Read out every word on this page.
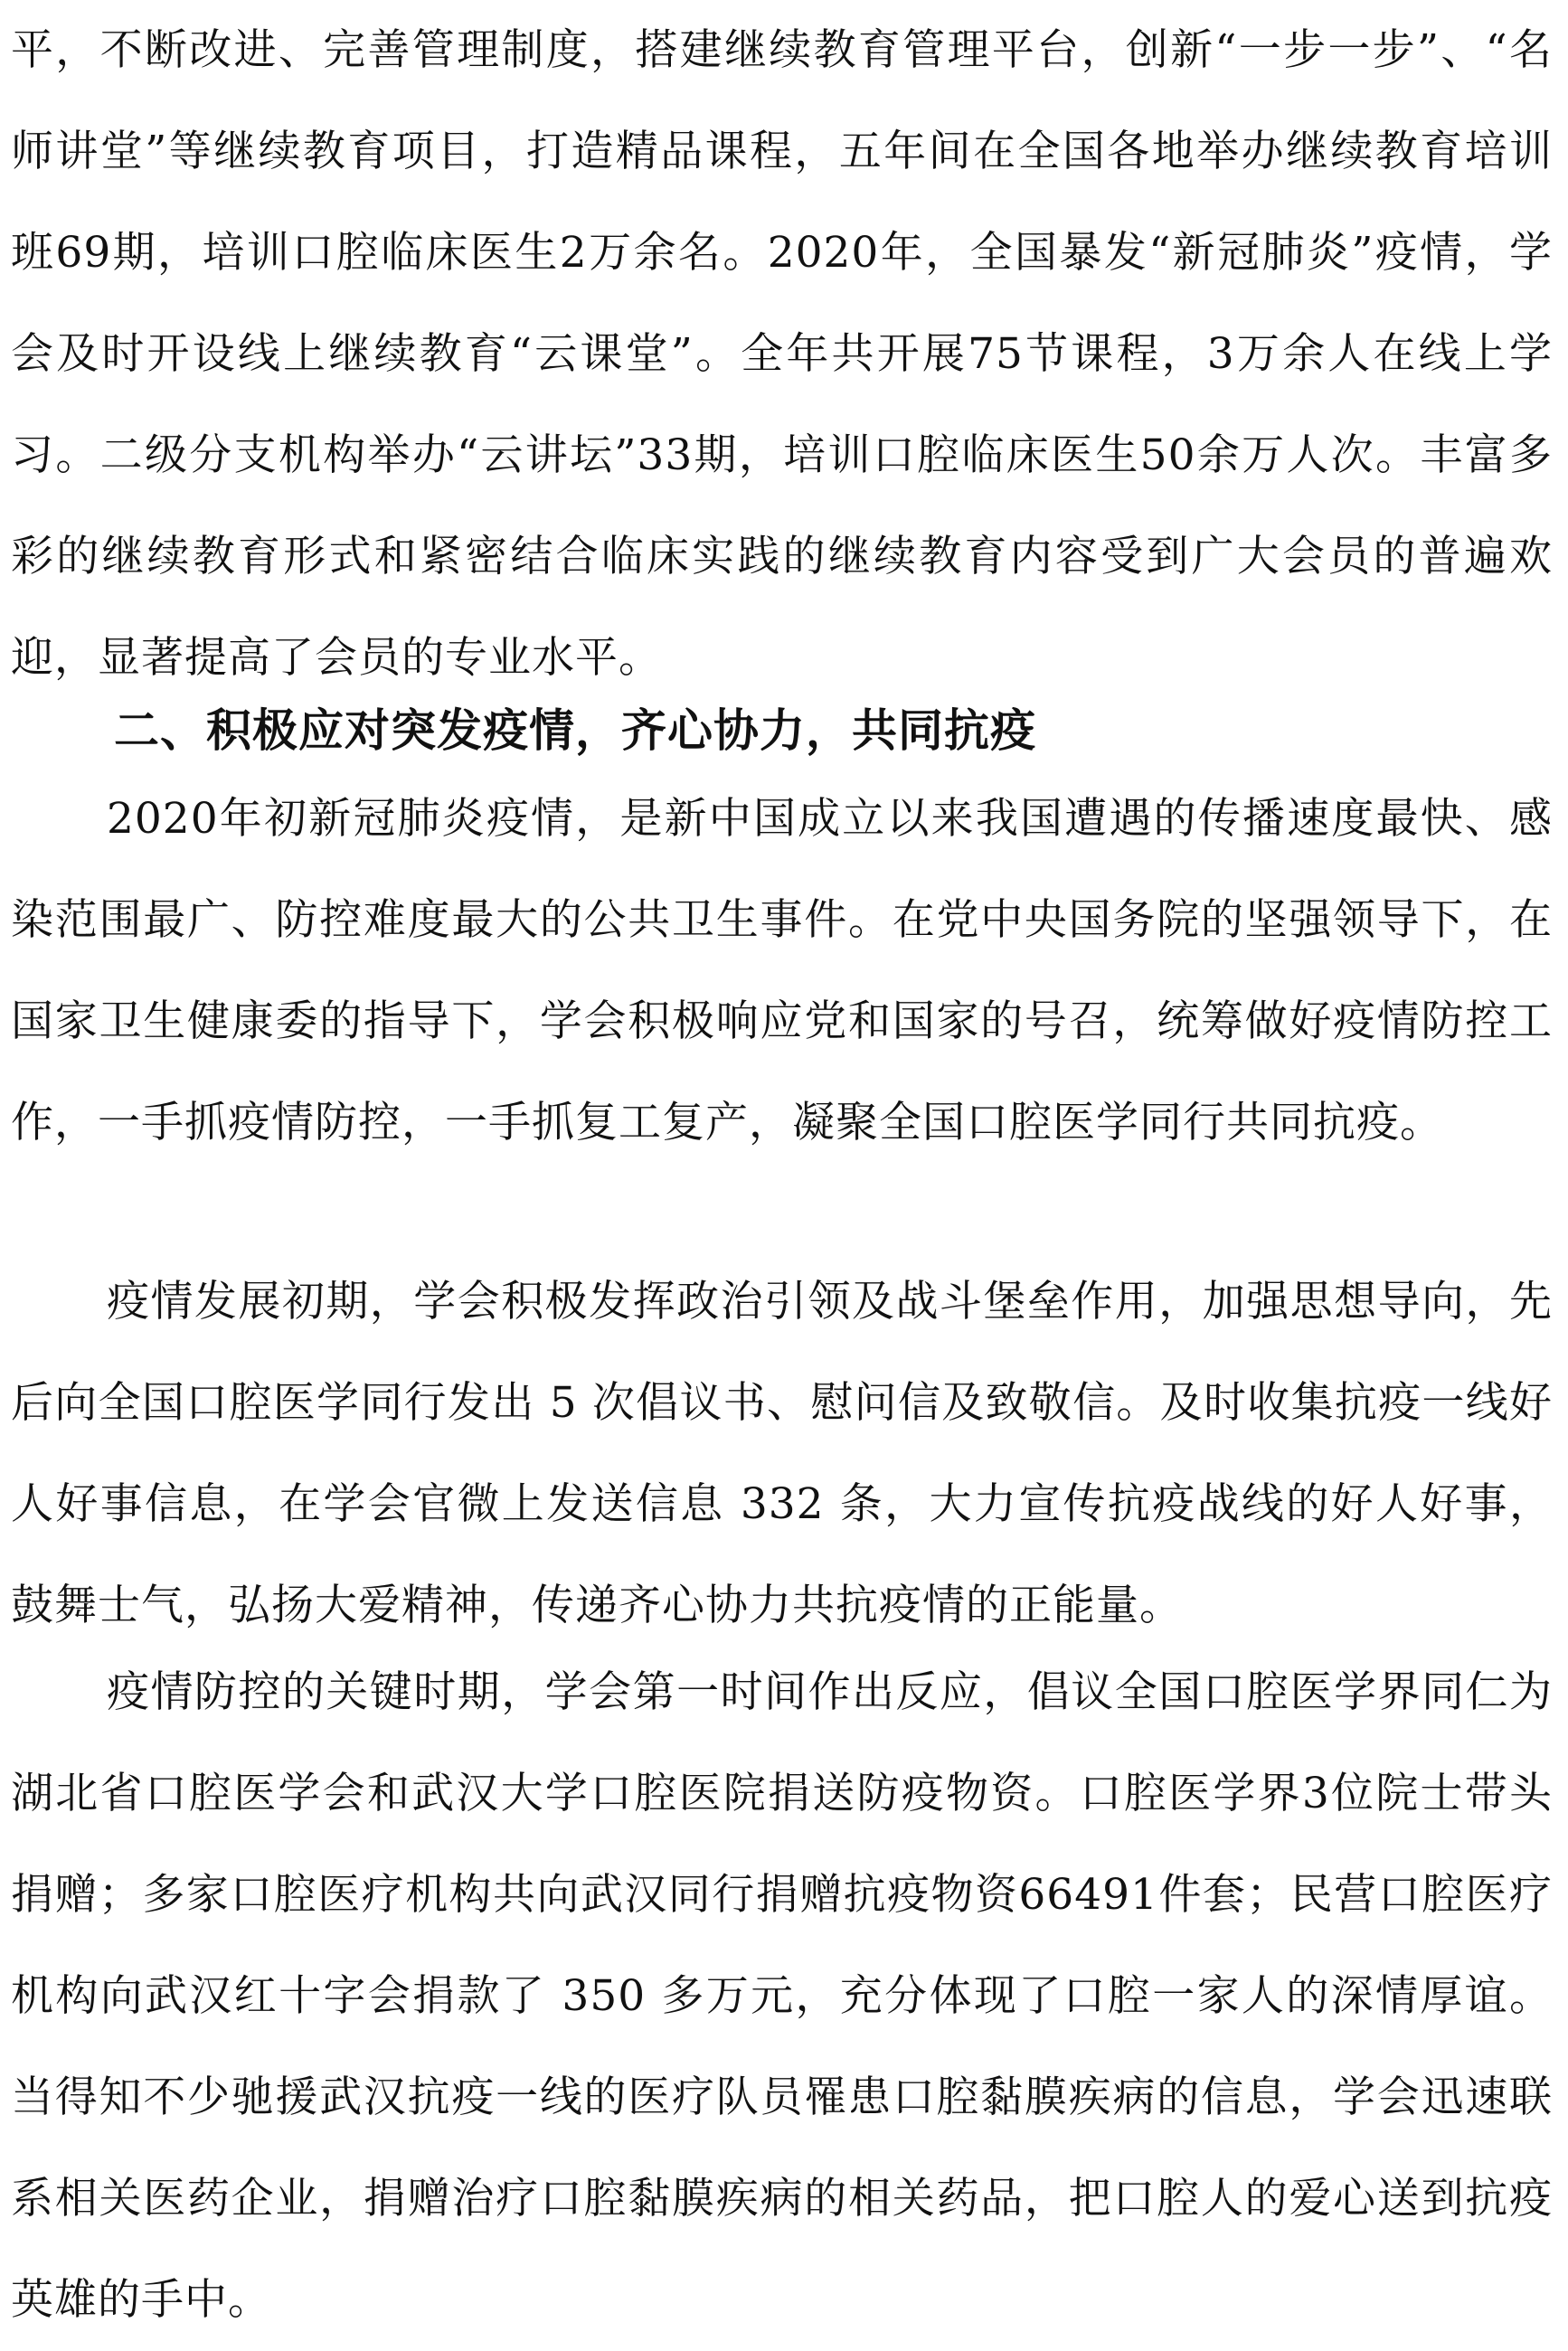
平，不断改进、完善管理制度，搭建继续教育管理平台，创新“一步一步”、“名师讲堂”等继续教育项目，打造精品课程，五年间在全国各地举办继续教育培训班69期，培训口腔临床医生2万余名。2020年，全国暴发“新冠肺炎”疫情，学会及时开设线上继续教育“云课堂”。全年共开展75节课程，3万余人在线上学习。二级分支机构举办“云讲坛”33期，培训口腔临床医生50余万人次。丰富多彩的继续教育形式和紧密结合临床实践的继续教育内容受到广大会员的普遍欢迎，显著提高了会员的专业水平。

二、积极应对突发疫情，齐心协力，共同抗疫

2020年初新冠肺炎疫情，是新中国成立以来我国遭遇的传播速度最快、感染范围最广、防控难度最大的公共卫生事件。在党中央国务院的坚强领导下，在国家卫生健康委的指导下，学会积极响应党和国家的号召，统筹做好疫情防控工作，一手抓疫情防控，一手抓复工复产，凝聚全国口腔医学同行共同抗疫。

疫情发展初期，学会积极发挥政治引领及战斗堡垒作用，加强思想导向，先后向全国口腔医学同行发出 5 次倡议书、慰问信及致敬信。及时收集抗疫一线好人好事信息，在学会官微上发送信息 332 条，大力宣传抗疫战线的好人好事，鼓舞士气，弘扬大爱精神，传递齐心协力共抗疫情的正能量。

疫情防控的关键时期，学会第一时间作出反应，倡议全国口腔医学界同仁为湖北省口腔医学会和武汉大学口腔医院捐送防疫物资。口腔医学界3位院士带头捐赠；多家口腔医疗机构共向武汉同行捐赠抗疫物资66491件套；民营口腔医疗机构向武汉红十字会捐款了 350 多万元，充分体现了口腔一家人的深情厚谊。当得知不少驰援武汉抗疫一线的医疗队员罹患口腔黏膜疾病的信息，学会迅速联系相关医药企业，捐赠治疗口腔黏膜疾病的相关药品，把口腔人的爱心送到抗疫英雄的手中。
